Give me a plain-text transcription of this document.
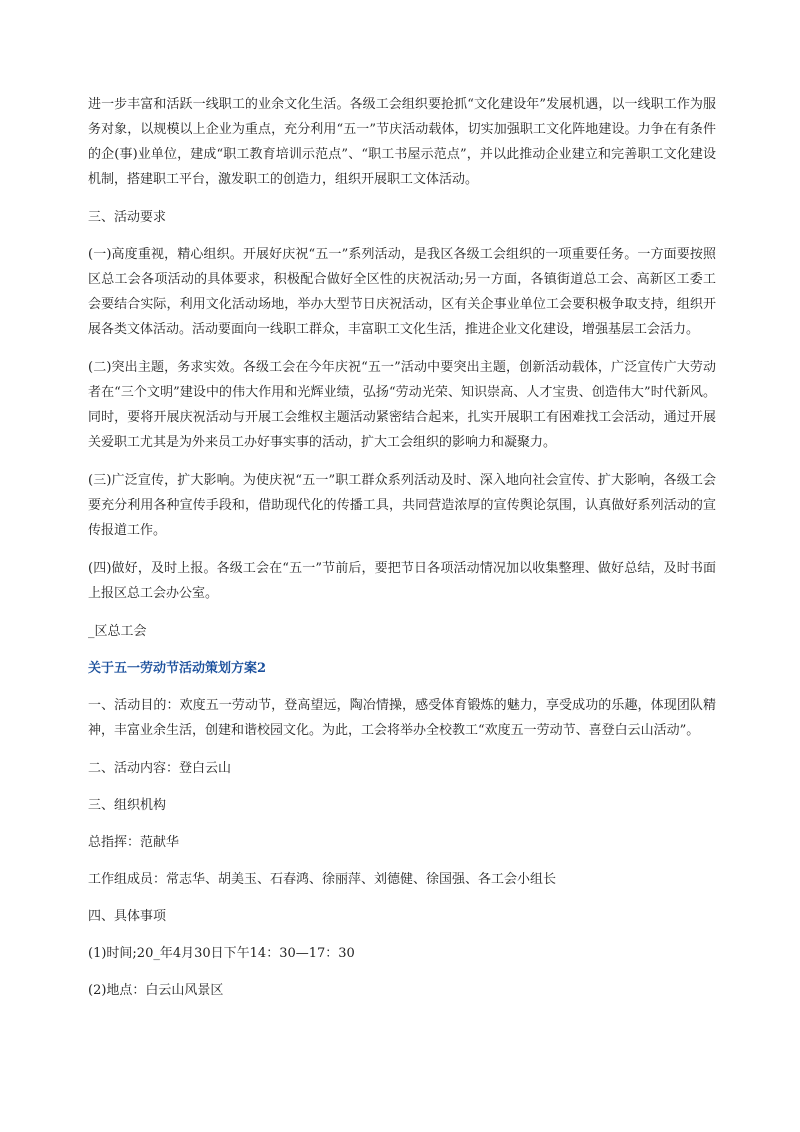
进一步丰富和活跃一线职工的业余文化生活。各级工会组织要抢抓“文化建设年”发展机遇，以一线职工作为服务对象，以规模以上企业为重点，充分利用“五一”节庆活动载体，切实加强职工文化阵地建设。力争在有条件的企(事)业单位，建成“职工教育培训示范点”、“职工书屋示范点”，并以此推动企业建立和完善职工文化建设机制，搭建职工平台，激发职工的创造力，组织开展职工文体活动。

三、活动要求

(一)高度重视，精心组织。开展好庆祝“五一”系列活动，是我区各级工会组织的一项重要任务。一方面要按照区总工会各项活动的具体要求，积极配合做好全区性的庆祝活动;另一方面，各镇街道总工会、高新区工委工会要结合实际，利用文化活动场地，举办大型节日庆祝活动，区有关企事业单位工会要积极争取支持，组织开展各类文体活动。活动要面向一线职工群众，丰富职工文化生活，推进企业文化建设，增强基层工会活力。

(二)突出主题，务求实效。各级工会在今年庆祝“五一”活动中要突出主题，创新活动载体，广泛宣传广大劳动者在“三个文明”建设中的伟大作用和光辉业绩，弘扬“劳动光荣、知识崇高、人才宝贵、创造伟大”时代新风。同时，要将开展庆祝活动与开展工会维权主题活动紧密结合起来，扎实开展职工有困难找工会活动，通过开展关爱职工尤其是为外来员工办好事实事的活动，扩大工会组织的影响力和凝聚力。

(三)广泛宣传，扩大影响。为使庆祝“五一”职工群众系列活动及时、深入地向社会宣传、扩大影响，各级工会要充分利用各种宣传手段和，借助现代化的传播工具，共同营造浓厚的宣传舆论氛围，认真做好系列活动的宣传报道工作。

(四)做好，及时上报。各级工会在“五一”节前后，要把节日各项活动情况加以收集整理、做好总结，及时书面上报区总工会办公室。

_区总工会

关于五一劳动节活动策划方案2

一、活动目的：欢度五一劳动节，登高望远，陶冶情操，感受体育锻炼的魅力，享受成功的乐趣，体现团队精神，丰富业余生活，创建和谐校园文化。为此，工会将举办全校教工“欢度五一劳动节、喜登白云山活动”。

二、活动内容：登白云山

三、组织机构

总指挥：范献华

工作组成员：常志华、胡美玉、石春鸿、徐丽萍、刘德健、徐国强、各工会小组长

四、具体事项

(1)时间;20_年4月30日下午14：30—17：30

(2)地点：白云山风景区
